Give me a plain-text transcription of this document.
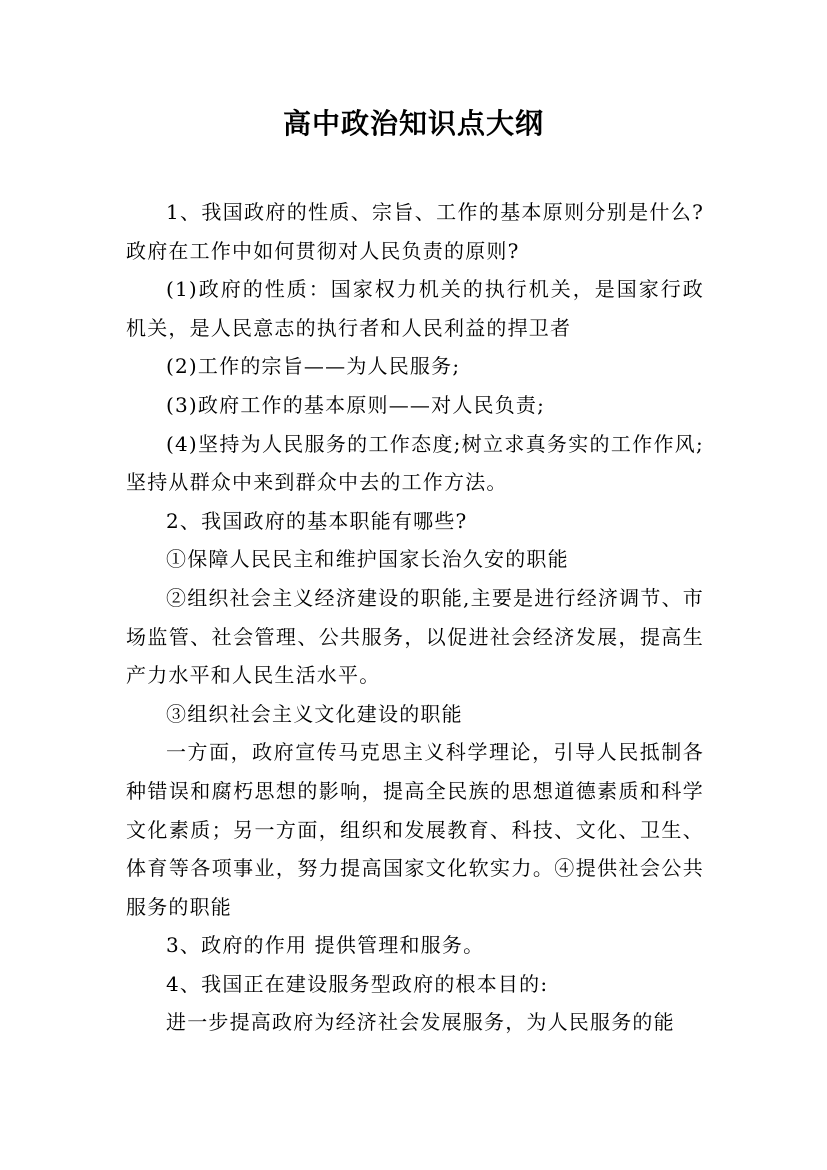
高中政治知识点大纲

1、我国政府的性质、宗旨、工作的基本原则分别是什么?政府在工作中如何贯彻对人民负责的原则?

(1)政府的性质：国家权力机关的执行机关，是国家行政机关，是人民意志的执行者和人民利益的捍卫者

(2)工作的宗旨——为人民服务;

(3)政府工作的基本原则——对人民负责;

(4)坚持为人民服务的工作态度;树立求真务实的工作作风;坚持从群众中来到群众中去的工作方法。

2、我国政府的基本职能有哪些?

①保障人民民主和维护国家长治久安的职能

②组织社会主义经济建设的职能,主要是进行经济调节、市场监管、社会管理、公共服务，以促进社会经济发展，提高生产力水平和人民生活水平。

③组织社会主义文化建设的职能

一方面，政府宣传马克思主义科学理论，引导人民抵制各种错误和腐朽思想的影响，提高全民族的思想道德素质和科学文化素质；另一方面，组织和发展教育、科技、文化、卫生、体育等各项事业，努力提高国家文化软实力。④提供社会公共服务的职能

3、政府的作用 提供管理和服务。

4、我国正在建设服务型政府的根本目的:

进一步提高政府为经济社会发展服务，为人民服务的能
